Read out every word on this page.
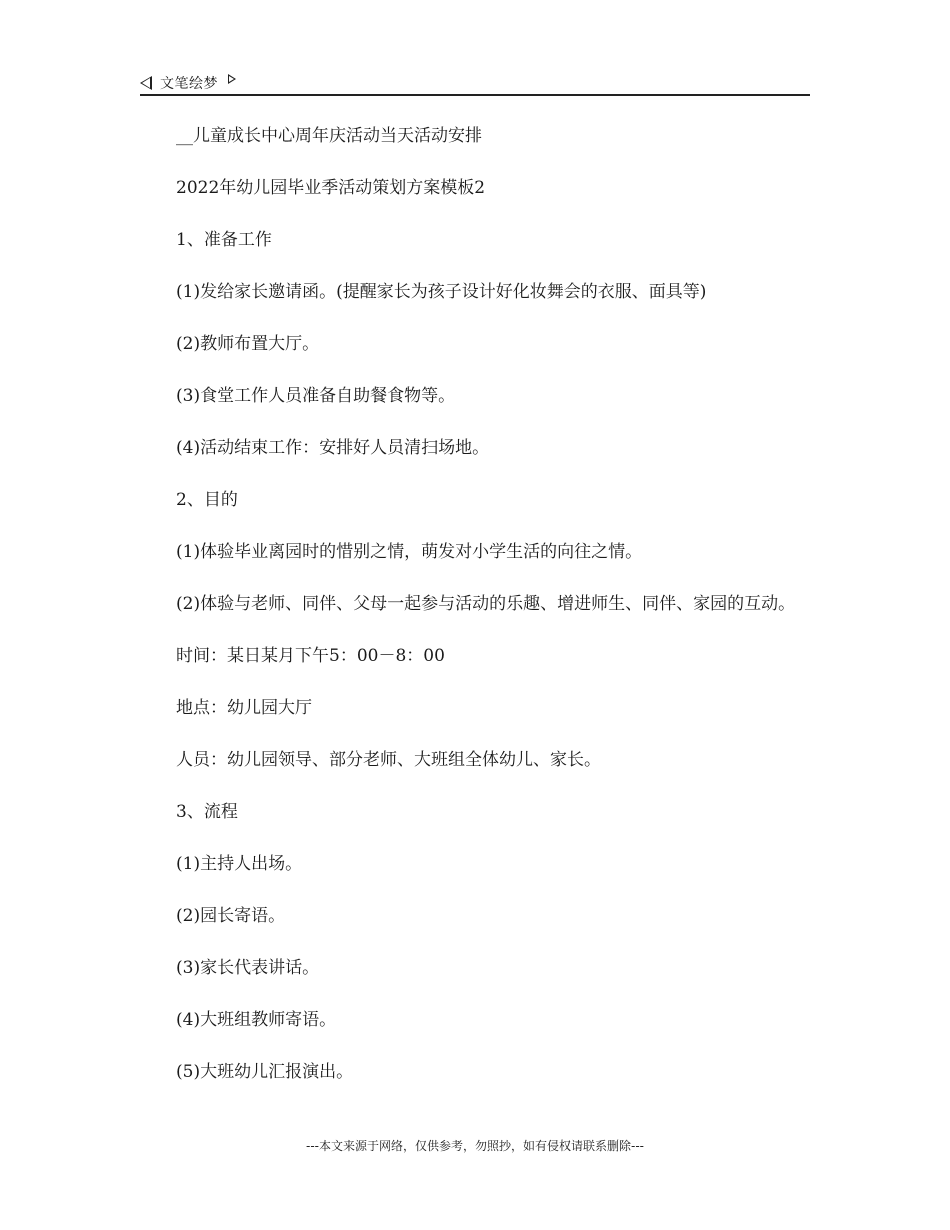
文笔绘梦

__儿童成长中心周年庆活动当天活动安排

2022年幼儿园毕业季活动策划方案模板2

1、准备工作

(1)发给家长邀请函。(提醒家长为孩子设计好化妆舞会的衣服、面具等)

(2)教师布置大厅。

(3)食堂工作人员准备自助餐食物等。

(4)活动结束工作：安排好人员清扫场地。

2、目的

(1)体验毕业离园时的惜别之情，萌发对小学生活的向往之情。

(2)体验与老师、同伴、父母一起参与活动的乐趣、增进师生、同伴、家园的互动。

时间：某日某月下午5：00－8：00

地点：幼儿园大厅

人员：幼儿园领导、部分老师、大班组全体幼儿、家长。

3、流程

(1)主持人出场。

(2)园长寄语。

(3)家长代表讲话。

(4)大班组教师寄语。

(5)大班幼儿汇报演出。

---本文来源于网络，仅供参考，勿照抄，如有侵权请联系删除---
